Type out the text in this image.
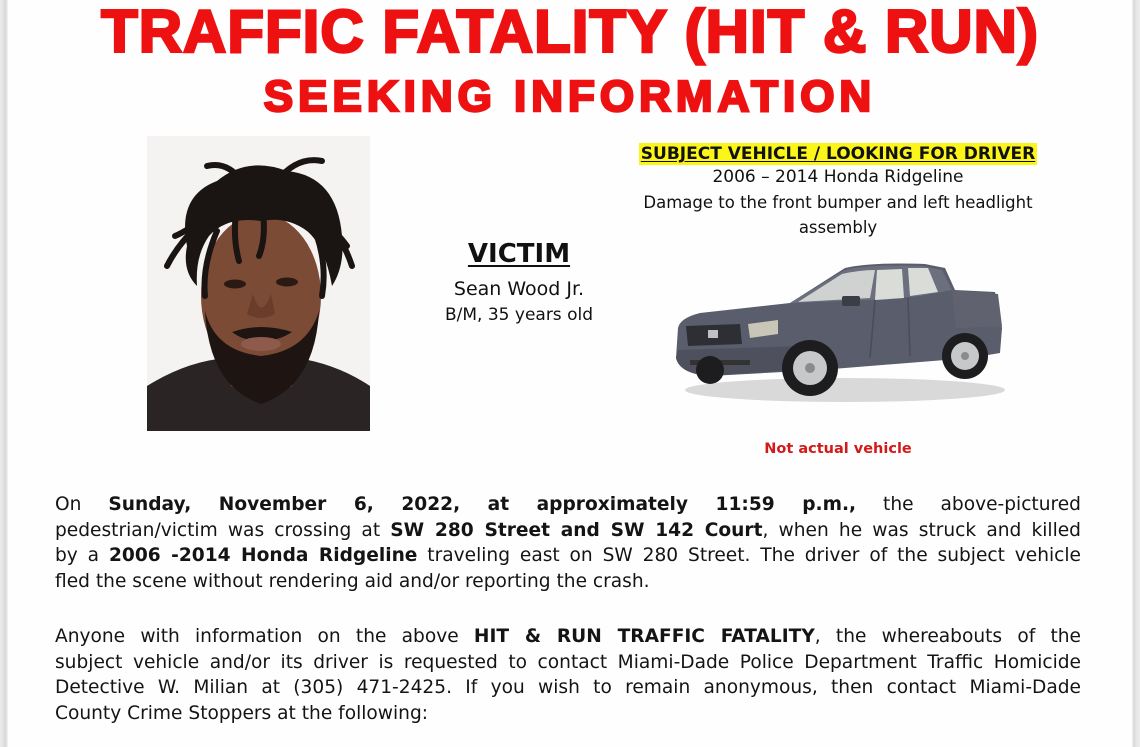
TRAFFIC FATALITY (HIT & RUN)
SEEKING INFORMATION
VICTIM
Sean Wood Jr.
B/M, 35 years old
SUBJECT VEHICLE / LOOKING FOR DRIVER
2006 – 2014 Honda Ridgeline
Damage to the front bumper and left headlight assembly
Not actual vehicle
On Sunday, November 6, 2022, at approximately 11:59 p.m., the above-pictured
pedestrian/victim was crossing at SW 280 Street and SW 142 Court, when he was struck and killed
by a 2006 -2014 Honda Ridgeline traveling east on SW 280 Street. The driver of the subject vehicle
fled the scene without rendering aid and/or reporting the crash.
Anyone with information on the above HIT & RUN TRAFFIC FATALITY, the whereabouts of the
subject vehicle and/or its driver is requested to contact Miami-Dade Police Department Traffic Homicide
Detective W. Milian at (305) 471-2425. If you wish to remain anonymous, then contact Miami-Dade
County Crime Stoppers at the following:
